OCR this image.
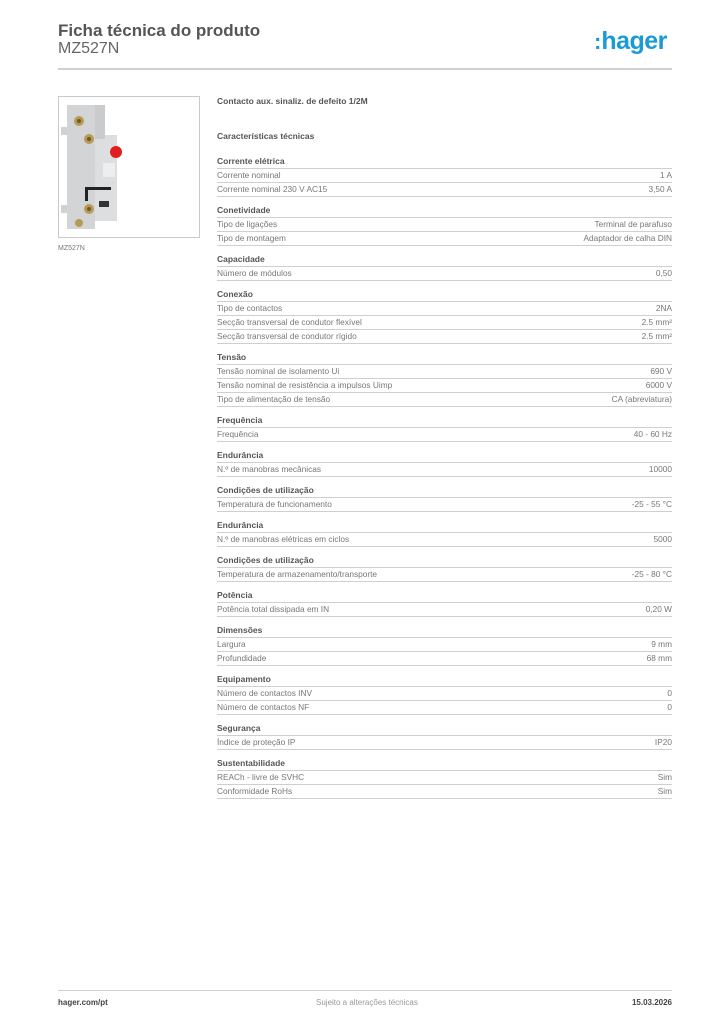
Ficha técnica do produto
MZ527N	:hager
MZ527N
Contacto aux. sinaliz. de defeito 1/2M
Características técnicas
Corrente elétrica
Corrente nominal	1 A
Corrente nominal 230 V AC15	3,50 A
Conetividade
Tipo de ligações	Terminal de parafuso
Tipo de montagem	Adaptador de calha DIN
Capacidade
Número de módulos	0,50
Conexão
Tipo de contactos	2NA
Secção transversal de condutor flexível	2.5 mm²
Secção transversal de condutor rígido	2.5 mm²
Tensão
Tensão nominal de isolamento Ui	690 V
Tensão nominal de resistência a impulsos Uimp	6000 V
Tipo de alimentação de tensão	CA (abreviatura)
Frequência
Frequência	40 - 60 Hz
Endurância
N.º de manobras mecânicas	10000
Condições de utilização
Temperatura de funcionamento	-25 - 55 °C
Endurância
N.º de manobras elétricas em ciclos	5000
Condições de utilização
Temperatura de armazenamento/transporte	-25 - 80 °C
Potência
Potência total dissipada em IN	0,20 W
Dimensões
Largura	9 mm
Profundidade	68 mm
Equipamento
Número de contactos INV	0
Número de contactos NF	0
Segurança
Índice de proteção IP	IP20
Sustentabilidade
REACh - livre de SVHC	Sim
Conformidade RoHs	Sim
hager.com/pt	Sujeito a alterações técnicas	15.03.2026
